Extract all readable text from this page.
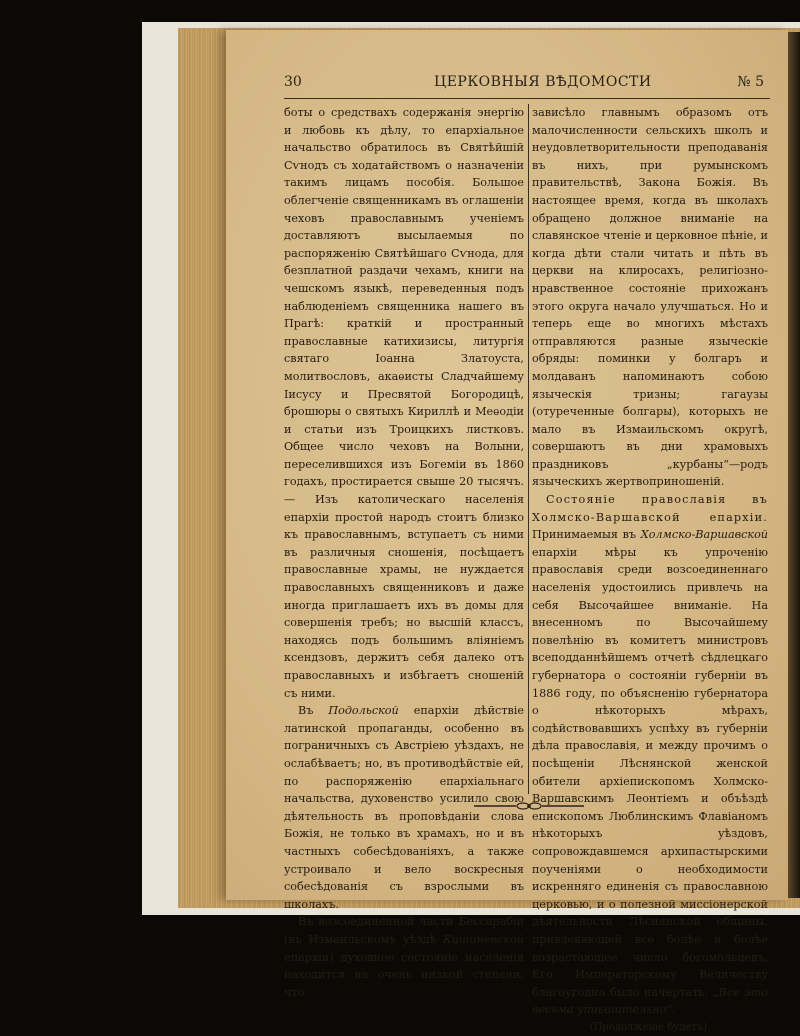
30	ЦЕРКОВНЫЯ ВѢДОМОСТИ	№ 5

боты о средствахъ содержанія энергію и любовь къ дѣлу, то епархіальное начальство обратилось въ Святѣйшій Сѵнодъ съ ходатайствомъ о назначеніи такимъ лицамъ пособія. Большое облегченіе священникамъ въ оглашеніи чеховъ православнымъ ученіемъ доставляютъ высылаемыя по распоряженію Святѣйшаго Сѵнода, для безплатной раздачи чехамъ, книги на чешскомъ языкѣ, переведенныя подъ наблюденіемъ священника нашего въ Прагѣ: краткій и пространный православные катихизисы, литургія святаго Іоанна Златоуста, молитвословъ, акаѳисты Сладчайшему Іисусу и Пресвятой Богородицѣ, брошюры о святыхъ Кириллѣ и Меѳодіи и статьи изъ Троицкихъ листковъ. Общее число чеховъ на Волыни, переселившихся изъ Богеміи въ 1860 годахъ, простирается свыше 20 тысячъ.— Изъ католическаго населенія епархіи простой народъ стоитъ близко къ православнымъ, вступаетъ съ ними въ различныя сношенія, посѣщаетъ православные храмы, не нуждается православныхъ священниковъ и даже иногда приглашаетъ ихъ въ домы для совершенія требъ; но высшій классъ, находясь подъ большимъ вліяніемъ ксендзовъ, держитъ себя далеко отъ православныхъ и избѣгаетъ сношеній съ ними.

Въ Подольской епархіи дѣйствіе латинской пропаганды, особенно въ пограничныхъ съ Австріею уѣздахъ, не ослабѣваетъ; но, въ противодѣйствіе ей, по распоряженію епархіальнаго начальства, духовенство усилило свою дѣятельность въ проповѣданіи слова Божія, не только въ храмахъ, но и въ частныхъ собесѣдованіяхъ, а также устроивало и вело воскресныя собесѣдованія съ взрослыми въ школахъ.

Въ возсоединенной части Бессарабіи (въ Измаильскомъ уѣздѣ Кишиневской епархіи) духовное состояніе населенія находится на очень низкой степени, что

зависѣло главнымъ образомъ отъ малочисленности сельскихъ школъ и неудовлетворительности преподаванія въ нихъ, при румынскомъ правительствѣ, Закона Божія. Въ настоящее время, когда въ школахъ обращено должное вниманіе на славянское чтеніе и церковное пѣніе, и когда дѣти стали читать и пѣть въ церкви на клиросахъ, религіозно-нравственное состояніе прихожанъ этого округа начало улучшаться. Но и теперь еще во многихъ мѣстахъ отправляются разные языческіе обряды: поминки у болгаръ и молдаванъ напоминаютъ собою языческія тризны; гагаузы (отуреченные болгары), которыхъ не мало въ Измаильскомъ округѣ, совершаютъ въ дни храмовыхъ праздниковъ „курбаны“—родъ языческихъ жертвоприношеній.

Состояніе православія въ Холмско-Варшавской епархіи. Принимаемыя въ Холмско-Варшавской епархіи мѣры къ упроченію православія среди возсоединеннаго населенія удостоились привлечь на себя Высочайшее вниманіе. На внесенномъ по Высочайшему повелѣнію въ комитетъ министровъ всеподданнѣйшемъ отчетѣ сѣдлецкаго губернатора о состояніи губерніи въ 1886 году, по объясненію губернатора о нѣкоторыхъ мѣрахъ, содѣйствовавшихъ успѣху въ губерніи дѣла православія, и между прочимъ о посѣщеніи Лѣснянской женской обители архіепископомъ Холмско-Варшавскимъ Леонтіемъ и объѣздѣ епископомъ Люблинскимъ Флавіаномъ нѣкоторыхъ уѣздовъ, сопровождавшемся архипастырскими поученіями о необходимости искренняго единенія съ православною церковью, и о полезной миссіонерской дѣятельности Лѣснянской общины, привлекающей все болѣе и болѣе возрастающее число богомольцевъ, Его Императорскому Величеству благоугодно было начертать: „Все это весьма утѣшительно“.

(Продолженіе будетъ).
